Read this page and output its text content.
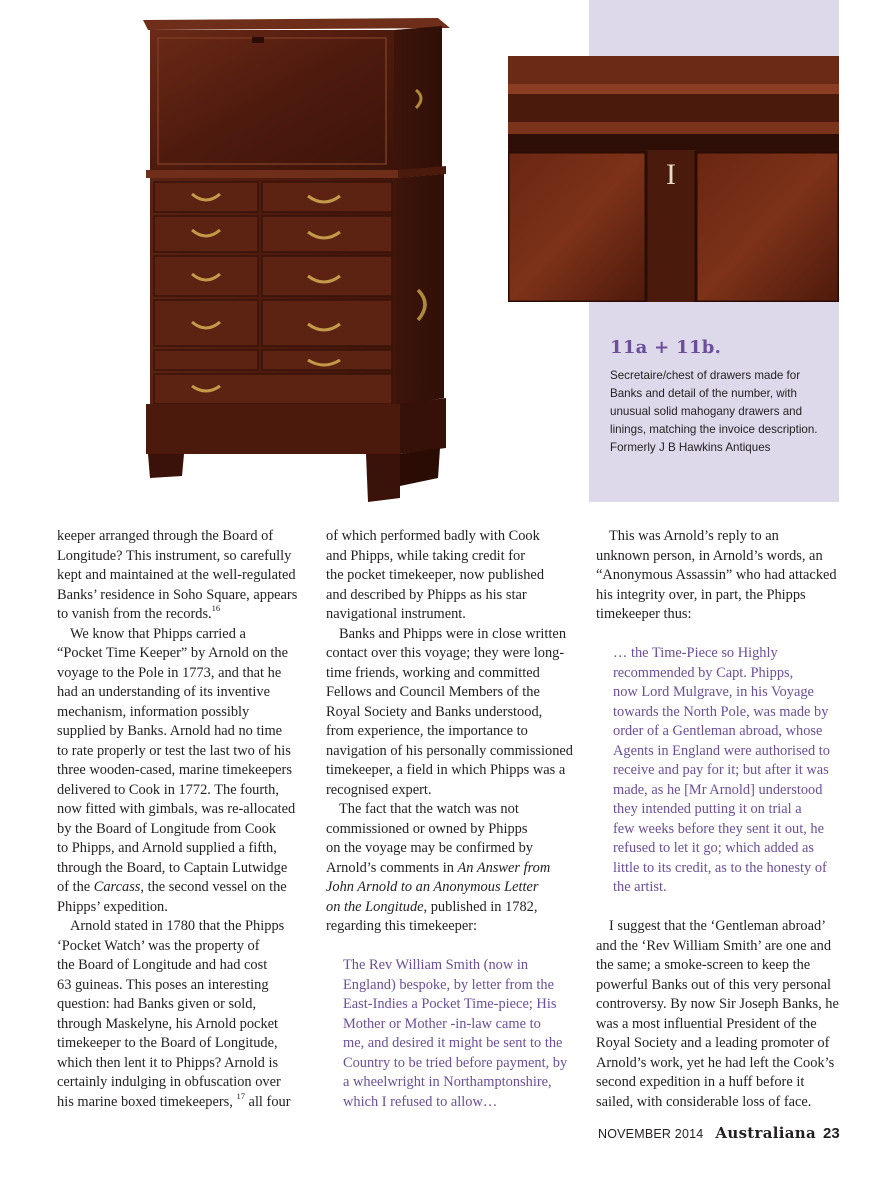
I

11a + 11b.

Secretaire/chest of drawers made for
Banks and detail of the number, with
unusual solid mahogany drawers and
linings, matching the invoice description.
Formerly J B Hawkins Antiques

keeper arranged through the Board of
Longitude? This instrument, so carefully
kept and maintained at the well-regulated
Banks’ residence in Soho Square, appears
to vanish from the records.$^{16}$
We know that Phipps carried a
“Pocket Time Keeper” by Arnold on the
voyage to the Pole in 1773, and that he
had an understanding of its inventive
mechanism, information possibly
supplied by Banks. Arnold had no time
to rate properly or test the last two of his
three wooden-cased, marine timekeepers
delivered to Cook in 1772. The fourth,
now fitted with gimbals, was re-allocated
by the Board of Longitude from Cook
to Phipps, and Arnold supplied a fifth,
through the Board, to Captain Lutwidge
of the Carcass, the second vessel on the
Phipps’ expedition.
Arnold stated in 1780 that the Phipps
‘Pocket Watch’ was the property of
the Board of Longitude and had cost
63 guineas. This poses an interesting
question: had Banks given or sold,
through Maskelyne, his Arnold pocket
timekeeper to the Board of Longitude,
which then lent it to Phipps? Arnold is
certainly indulging in obfuscation over
his marine boxed timekeepers, $^{17}$ all four
of which performed badly with Cook
and Phipps, while taking credit for
the pocket timekeeper, now published
and described by Phipps as his star
navigational instrument.
Banks and Phipps were in close written
contact over this voyage; they were long-
time friends, working and committed
Fellows and Council Members of the
Royal Society and Banks understood,
from experience, the importance to
navigation of his personally commissioned
timekeeper, a field in which Phipps was a
recognised expert.
The fact that the watch was not
commissioned or owned by Phipps
on the voyage may be confirmed by
Arnold’s comments in An Answer from
John Arnold to an Anonymous Letter
on the Longitude, published in 1782,
regarding this timekeeper:
The Rev William Smith (now in
England) bespoke, by letter from the
East-Indies a Pocket Time-piece; His
Mother or Mother -in-law came to
me, and desired it might be sent to the
Country to be tried before payment, by
a wheelwright in Northamptonshire,
which I refused to allow…
This was Arnold’s reply to an
unknown person, in Arnold’s words, an
“Anonymous Assassin” who had attacked
his integrity over, in part, the Phipps
timekeeper thus:
… the Time-Piece so Highly
recommended by Capt. Phipps,
now Lord Mulgrave, in his Voyage
towards the North Pole, was made by
order of a Gentleman abroad, whose
Agents in England were authorised to
receive and pay for it; but after it was
made, as he [Mr Arnold] understood
they intended putting it on trial a
few weeks before they sent it out, he
refused to let it go; which added as
little to its credit, as to the honesty of
the artist.
I suggest that the ‘Gentleman abroad’
and the ‘Rev William Smith’ are one and
the same; a smoke-screen to keep the
powerful Banks out of this very personal
controversy. By now Sir Joseph Banks, he
was a most influential President of the
Royal Society and a leading promoter of
Arnold’s work, yet he had left the Cook’s
second expedition in a huff before it
sailed, with considerable loss of face.
NOVEMBER 2014 Australiana 23
